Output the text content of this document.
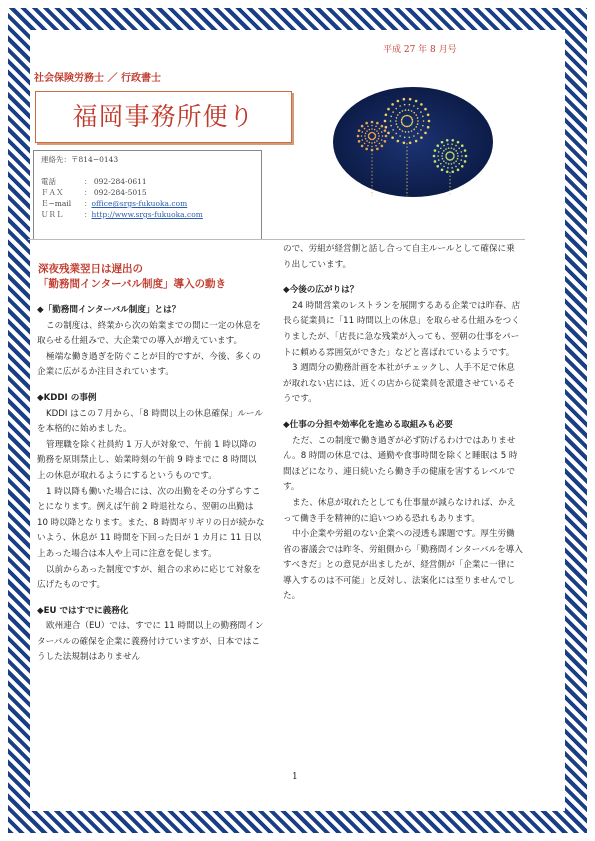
平成 27 年 8 月号
社会保険労務士 ／ 行政書士
福岡事務所便り
連絡先：〒814−0143
電話	： 092-284-0611
ＦＡＸ	： 092-284-5015
Ｅ−mail ：office@srgs-fukuoka.com
ＵＲＬ	：http://www.srgs-fukuoka.com
深夜残業翌日は遅出の
「勤務間インターバル制度」導入の動き

◆「勤務間インターバル制度」とは？

この制度は、終業から次の始業までの間に一定の休息を取らせる仕組みで、大企業での導入が増えています。

極端な働き過ぎを防ぐことが目的ですが、今後、多くの企業に広がるか注目されています。

◆KDDI の事例

KDDI はこの７月から、「8 時間以上の休息確保」ルールを本格的に始めました。

管理職を除く社員約 1 万人が対象で、午前 1 時以降の勤務を原則禁止し、始業時刻の午前 9 時までに 8 時間以上の休息が取れるようにするというものです。

1 時以降も働いた場合には、次の出勤をその分ずらすことになります。例えば午前 2 時退社なら、翌朝の出勤は 10 時以降となります。また、8 時間ギリギリの日が続かないよう、休息が 11 時間を下回った日が 1 カ月に 11 日以上あった場合は本人や上司に注意を促します。

以前からあった制度ですが、組合の求めに応じて対象を広げたものです。

◆EU ではすでに義務化

欧州連合（EU）では、すでに 11 時間以上の勤務間インターバルの確保を企業に義務付けていますが、日本ではこうした法規制はありません

ので、労組が経営側と話し合って自主ルールとして確保に乗り出しています。

◆今後の広がりは？

24 時間営業のレストランを展開するある企業では昨春、店長ら従業員に「11 時間以上の休息」を取らせる仕組みをつくりましたが、「店長に急な残業が入っても、翌朝の仕事をパートに頼める雰囲気ができた」などと喜ばれているようです。

3 週間分の勤務計画を本社がチェックし、人手不足で休息が取れない店には、近くの店から従業員を派遣させているそうです。

◆仕事の分担や効率化を進める取組みも必要

ただ、この制度で働き過ぎが必ず防げるわけではありません。8 時間の休息では、通勤や食事時間を除くと睡眠は 5 時間ほどになり、連日続いたら働き手の健康を害するレベルです。

また、休息が取れたとしても仕事量が減らなければ、かえって働き手を精神的に追いつめる恐れもあります。

中小企業や労組のない企業への浸透も課題です。厚生労働省の審議会では昨冬、労組側から「勤務間インターバルを導入すべきだ」との意見が出ましたが、経営側が「企業に一律に導入するのは不可能」と反対し、法案化には至りませんでした。

1
